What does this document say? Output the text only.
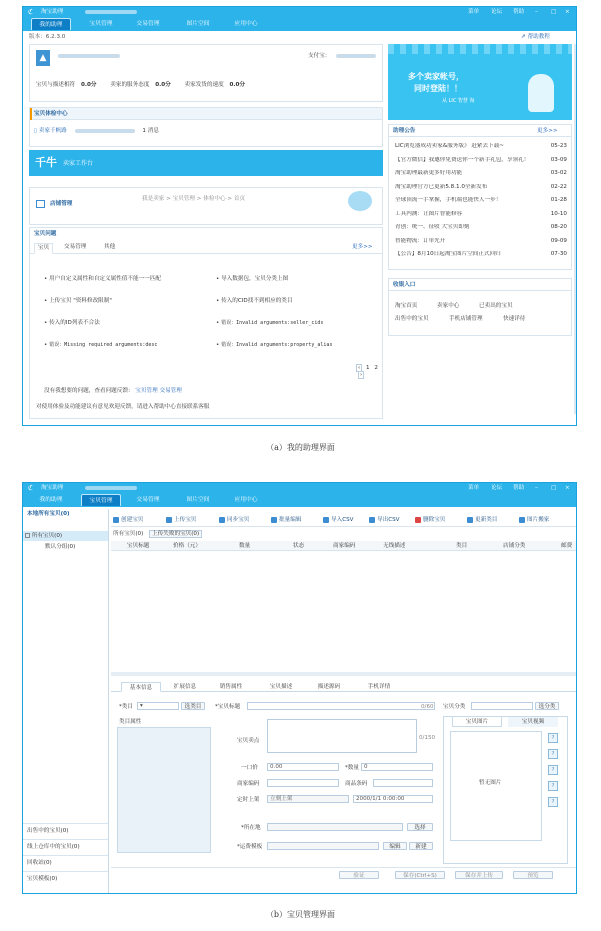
ℭ 淘宝助理	菜单 论坛 帮助 – □ ×
我的助理	宝贝管理	交易管理	图片空间	应用中心
版本：6.2.3.0	⇗ 帮助教程
▲	支付宝：
宝贝与描述相符 0.0分 卖家的服务态度 0.0分 卖家发货的速度 0.0分
宝贝体检中心
▯ 卖家千帆路	1 消息
千牛 卖家工作台
店铺管理
我是卖家 > 宝贝管理 > 体检中心 > 首页
宝贝问题
宝贝	交易管理	其他	更多>>
• 用户自定义属性和自定义属性值不能一一匹配
• 上传宝贝 "资料修改限制"
• 传入的ID列表不合法
• 错误：Missing required arguments:desc
• 导入数据包，宝贝分类上图
• 传入的CID找不到相应的类目
• 错误：Invalid arguments:seller_cids
• 错误：Invalid arguments:property_alias
‹ 1 2 ›
没有我想要的问题，查看问题反馈： 宝贝管理 交易管理
对使用体验及功能建议有意见欢迎反馈，请进入帮助中心直接联系客服
多个卖家帐号，
同时登陆！！
从 LIC 智慧 淘
助理公告	更多>>
LIC浏览器成功卖家&服务版》 赶紧去下载~	05-23
【官方微信】我邀你免费送你一个新手礼包，享领礼！	03-09
淘宝助理最新更多好用功能	03-02
淘宝助理官方已更新5.8.1.0全新发布	02-22
全球顶流一手掌握，手机端也能快人一步！	01-28
工具内测：让图片智能修容	10-10
青创：统一、征收 大宝贝即刻	08-20
智能物流：订单先开	09-09
【公告】8月10日起淘宝图片空间正式回归	07-30
收银入口
淘宝首页	卖家中心	已卖出的宝贝
出售中的宝贝	手机店铺管理	快速详待
（a）我的助理界面
ℭ 淘宝助理	菜单 论坛 帮助 – □ ×
我的助理	宝贝管理	交易管理	图片空间	应用中心
本地所有宝贝(0)
所有宝贝(0)
默认分组(0)
出售中的宝贝(0)
线上仓库中的宝贝(0)
回收站(0)
宝贝模板(0)
创建宝贝	上传宝贝	同步宝贝	批量编辑	导入CSV	导出CSV	删除宝贝	更新类目	图片搬家
所有宝贝(0) 上传失败的宝贝(0)
宝贝标题	价格（元）	数量	状态	商家编码	无线描述	类目	店铺分类	邮费
基本信息	扩展信息	销售属性	宝贝描述	描述源码	手机详情
*类目	▾	选类目	*宝贝标题	0/60 宝贝分类	选分类
类目属性
宝贝卖点	0/150
一口价	0.00	*数量 0
商家编码	商品条码
定时上架	立刻上架	2000/1/1 0:00:00
*所在地	选择
*运费模板	编辑	新建
宝贝图片	宝贝视频
暂无图片
?
?
?
?
?
验证	保存(Ctrl+S)	保存并上传	预览
（b）宝贝管理界面
